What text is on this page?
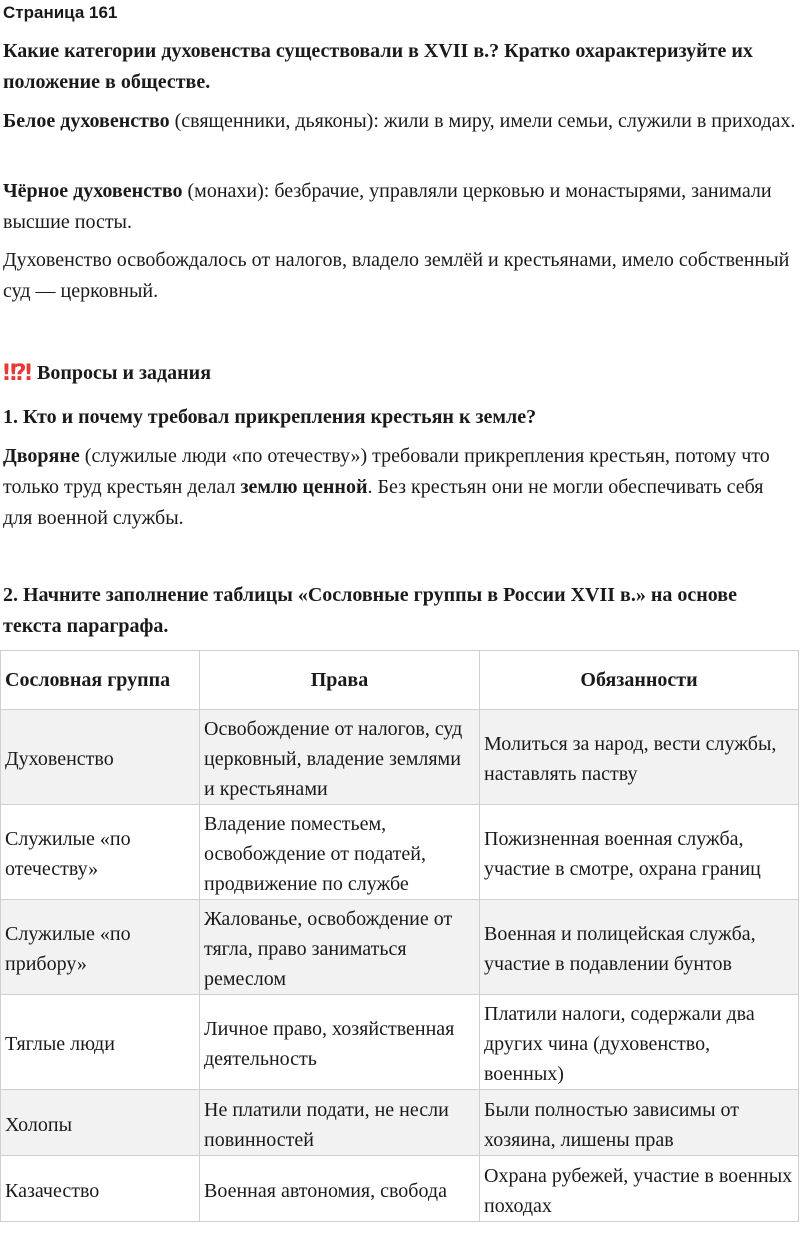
Страница 161
Какие категории духовенства существовали в XVII в.? Кратко охарактеризуйте их положение в обществе.
Белое духовенство (священники, дьяконы): жили в миру, имели семьи, служили в приходах.
Чёрное духовенство (монахи): безбрачие, управляли церковью и монастырями, занимали высшие посты.
Духовенство освобождалось от налогов, владело землёй и крестьянами, имело собственный суд — церковный.
‼⁈ Вопросы и задания
1. Кто и почему требовал прикрепления крестьян к земле?
Дворяне (служилые люди «по отечеству») требовали прикрепления крестьян, потому что только труд крестьян делал землю ценной. Без крестьян они не могли обеспечивать себя для военной службы.
2. Начните заполнение таблицы «Сословные группы в России XVII в.» на основе текста параграфа.
Сословная группа	Права	Обязанности
Духовенство	Освобождение от налогов, суд церковный, владение землями и крестьянами	Молиться за народ, вести службы, наставлять паству
Служилые «по отечеству»	Владение поместьем, освобождение от податей, продвижение по службе	Пожизненная военная служба, участие в смотре, охрана границ
Служилые «по прибору»	Жалованье, освобождение от тягла, право заниматься ремеслом	Военная и полицейская служба, участие в подавлении бунтов
Тяглые люди	Личное право, хозяйственная деятельность	Платили налоги, содержали два других чина (духовенство, военных)
Холопы	Не платили подати, не несли повинностей	Были полностью зависимы от хозяина, лишены прав
Казачество	Военная автономия, свобода	Охрана рубежей, участие в военных походах
